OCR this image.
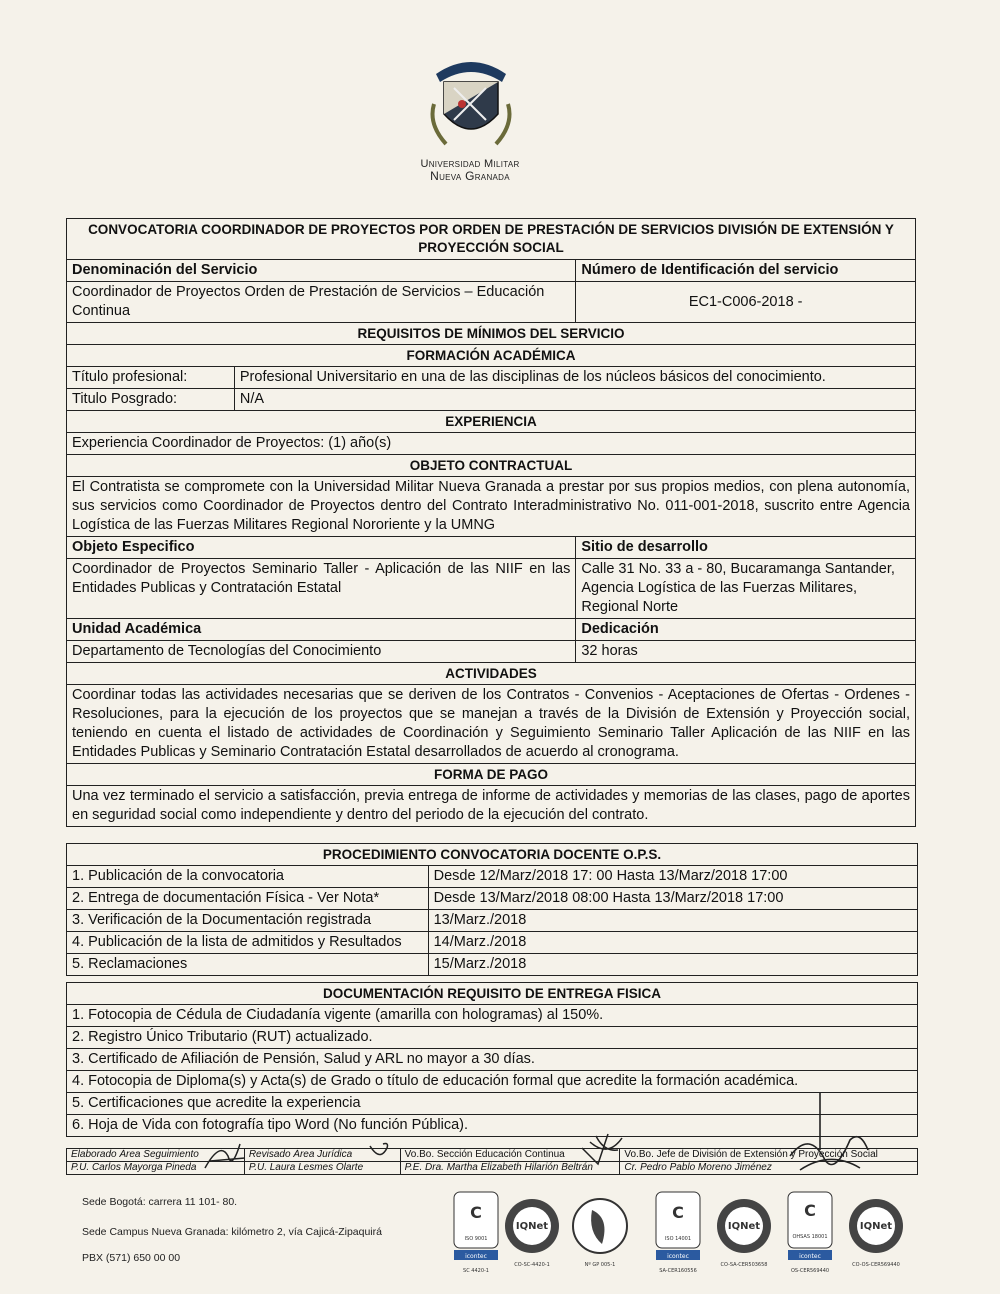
Universidad Militar
Nueva Granada
CONVOCATORIA COORDINADOR DE PROYECTOS POR ORDEN DE PRESTACIÓN DE SERVICIOS DIVISIÓN DE EXTENSIÓN Y PROYECCIÓN SOCIAL		
Denominación del Servicio		Número de Identificación del servicio
Coordinador de Proyectos Orden de Prestación de Servicios – Educación Continua		EC1-C006-2018 -
REQUISITOS DE MÍNIMOS DEL SERVICIO		
FORMACIÓN ACADÉMICA		
Título profesional:	Profesional Universitario en una de las disciplinas de los núcleos básicos del conocimiento.	
Titulo Posgrado:	N/A	
EXPERIENCIA		
Experiencia Coordinador de Proyectos: (1) año(s)		
OBJETO CONTRACTUAL		
El Contratista se compromete con la Universidad Militar Nueva Granada a prestar por sus propios medios, con plena autonomía, sus servicios como Coordinador de Proyectos dentro del Contrato Interadministrativo No. 011-001-2018, suscrito entre Agencia Logística de las Fuerzas Militares Regional Nororiente y la UMNG		
Objeto Especifico		Sitio de desarrollo
Coordinador de Proyectos Seminario Taller - Aplicación de las NIIF en las Entidades Publicas y Contratación Estatal		Calle 31 No. 33 a - 80, Bucaramanga Santander, Agencia Logística de las Fuerzas Militares, Regional Norte
Unidad Académica		Dedicación
Departamento de Tecnologías del Conocimiento		32 horas
ACTIVIDADES		
Coordinar todas las actividades necesarias que se deriven de los Contratos - Convenios - Aceptaciones de Ofertas - Ordenes - Resoluciones, para la ejecución de los proyectos que se manejan a través de la División de Extensión y Proyección social, teniendo en cuenta el listado de actividades de Coordinación y Seguimiento Seminario Taller Aplicación de las NIIF en las Entidades Publicas y Seminario Contratación Estatal desarrollados de acuerdo al cronograma.		
FORMA DE PAGO		
Una vez terminado el servicio a satisfacción, previa entrega de informe de actividades y memorias de las clases, pago de aportes en seguridad social como independiente y dentro del periodo de la ejecución del contrato.		
PROCEDIMIENTO CONVOCATORIA DOCENTE O.P.S.	
1. Publicación de la convocatoria	Desde 12/Marz/2018 17: 00 Hasta 13/Marz/2018 17:00
2. Entrega de documentación Física - Ver Nota*	Desde 13/Marz/2018 08:00 Hasta 13/Marz/2018 17:00
3. Verificación de la Documentación registrada	13/Marz./2018
4. Publicación de la lista de admitidos y Resultados	14/Marz./2018
5. Reclamaciones	15/Marz./2018
DOCUMENTACIÓN REQUISITO DE ENTREGA FISICA
1. Fotocopia de Cédula de Ciudadanía vigente (amarilla con hologramas) al 150%.
2. Registro Único Tributario (RUT) actualizado.
3. Certificado de Afiliación de Pensión, Salud y ARL no mayor a 30 días.
4. Fotocopia de Diploma(s) y Acta(s) de Grado o título de educación formal que acredite la formación académica.
5. Certificaciones que acredite la experiencia
6. Hoja de Vida con fotografía tipo Word (No función Pública).
Elaborado Área Seguimiento	Revisado Área Jurídica	Vo.Bo. Sección Educación Continua	Vo.Bo. Jefe de División de Extensión y Proyección Social
P.U. Carlos Mayorga Pineda	P.U. Laura Lesmes Olarte	P.E. Dra. Martha Elizabeth Hilarión Beltrán	Cr. Pedro Pablo Moreno Jiménez
Sede Bogotá: carrera 11 101- 80.
Sede Campus Nueva Granada: kilómetro 2, vía Cajicá-Zipaquirá
PBX (571) 650 00 00
C
ISO 9001
icontec
SC 4420-1
IQNet
CO-SC-4420-1	Nº GP 005-1
C
ISO 14001
icontec
SA-CER160556
IQNet
CO-SA-CER503658
C
OHSAS 18001
icontec
OS-CER569440
IQNet
CO-OS-CER569440
